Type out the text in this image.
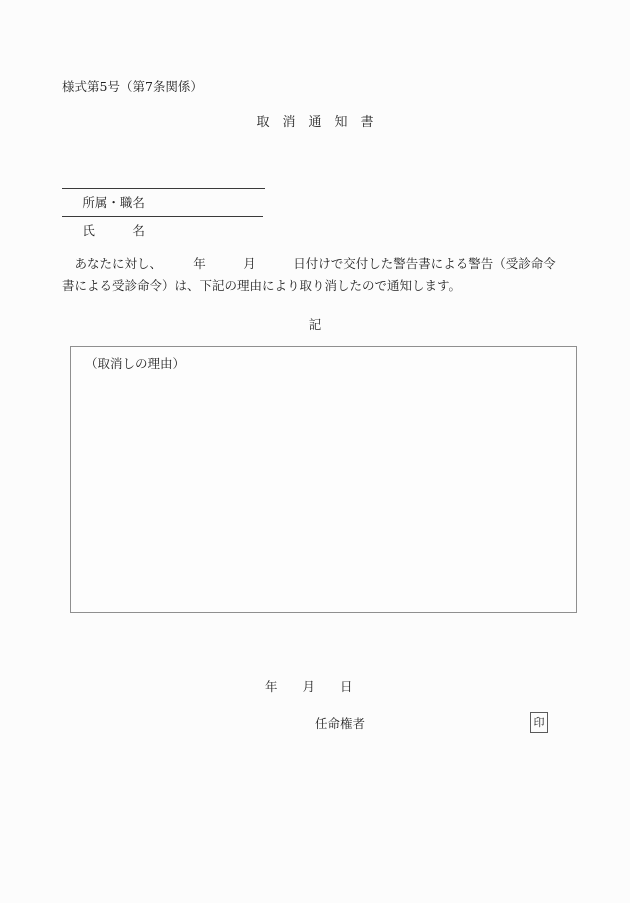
様式第5号（第7条関係）
取　消　通　知　書

所属・職名

氏　　　名

　あなたに対し、　　　年　　　月　　　日付けで交付した警告書による警告（受診命令
書による受診命令）は、下記の理由により取り消したので通知します。
記

（取消しの理由）

年　　月　　日
任命権者	印
